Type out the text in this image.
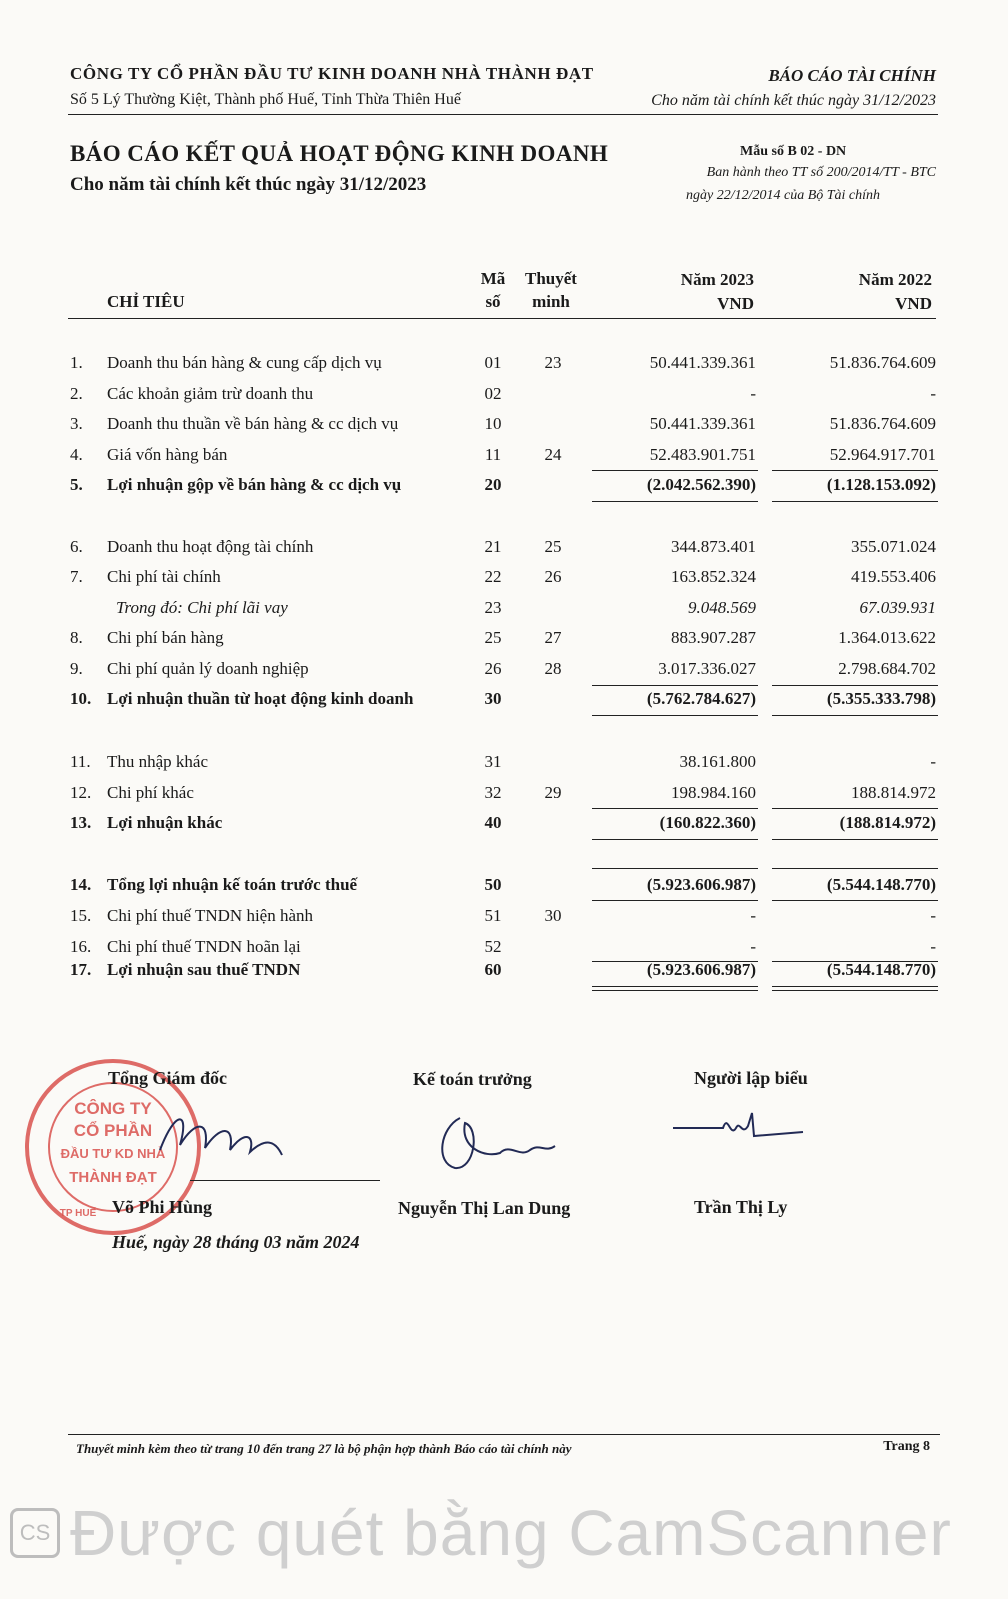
CÔNG TY CỔ PHẦN ĐẦU TƯ KINH DOANH NHÀ THÀNH ĐẠT
Số 5 Lý Thường Kiệt, Thành phố Huế, Tỉnh Thừa Thiên Huế
BÁO CÁO TÀI CHÍNH
Cho năm tài chính kết thúc ngày 31/12/2023
BÁO CÁO KẾT QUẢ HOẠT ĐỘNG KINH DOANH
Cho năm tài chính kết thúc ngày 31/12/2023
Mẫu số B 02 - DN
Ban hành theo TT số 200/2014/TT - BTC
ngày 22/12/2014 của Bộ Tài chính
CHỈ TIÊU
Mã
số
Thuyết
minh
Năm 2023
VND
Năm 2022
VND
1. Doanh thu bán hàng & cung cấp dịch vụ	01	23	50.441.339.361	51.836.764.609
2. Các khoản giảm trừ doanh thu	02	-	-
3. Doanh thu thuần về bán hàng & cc dịch vụ	10	50.441.339.361	51.836.764.609
4. Giá vốn hàng bán	11	24	52.483.901.751	52.964.917.701
5. Lợi nhuận gộp về bán hàng & cc dịch vụ	20	(2.042.562.390)	(1.128.153.092)
6. Doanh thu hoạt động tài chính	21	25	344.873.401	355.071.024
7. Chi phí tài chính	22	26	163.852.324	419.553.406
Trong đó: Chi phí lãi vay	23	9.048.569	67.039.931
8. Chi phí bán hàng	25	27	883.907.287	1.364.013.622
9. Chi phí quản lý doanh nghiệp	26	28	3.017.336.027	2.798.684.702
10. Lợi nhuận thuần từ hoạt động kinh doanh	30	(5.762.784.627)	(5.355.333.798)
11. Thu nhập khác	31	38.161.800	-
12. Chi phí khác	32	29	198.984.160	188.814.972
13. Lợi nhuận khác	40	(160.822.360)	(188.814.972)
14. Tổng lợi nhuận kế toán trước thuế	50	(5.923.606.987)	(5.544.148.770)
15. Chi phí thuế TNDN hiện hành	51	30	-	-
16. Chi phí thuế TNDN hoãn lại	52	-	-
17. Lợi nhuận sau thuế TNDN	60	(5.923.606.987)	(5.544.148.770)
CÔNG TY
CỔ PHẦN
ĐẦU TƯ KD NHÀ
THÀNH ĐẠT
TP HUẾ
Tổng Giám đốc
Võ Phi Hùng
Kế toán trưởng
Nguyễn Thị Lan Dung
Người lập biểu
Trần Thị Ly
Huế, ngày 28 tháng 03 năm 2024
Thuyết minh kèm theo từ trang 10 đến trang 27 là bộ phận hợp thành Báo cáo tài chính này	Trang 8
CS Được quét bằng CamScanner
